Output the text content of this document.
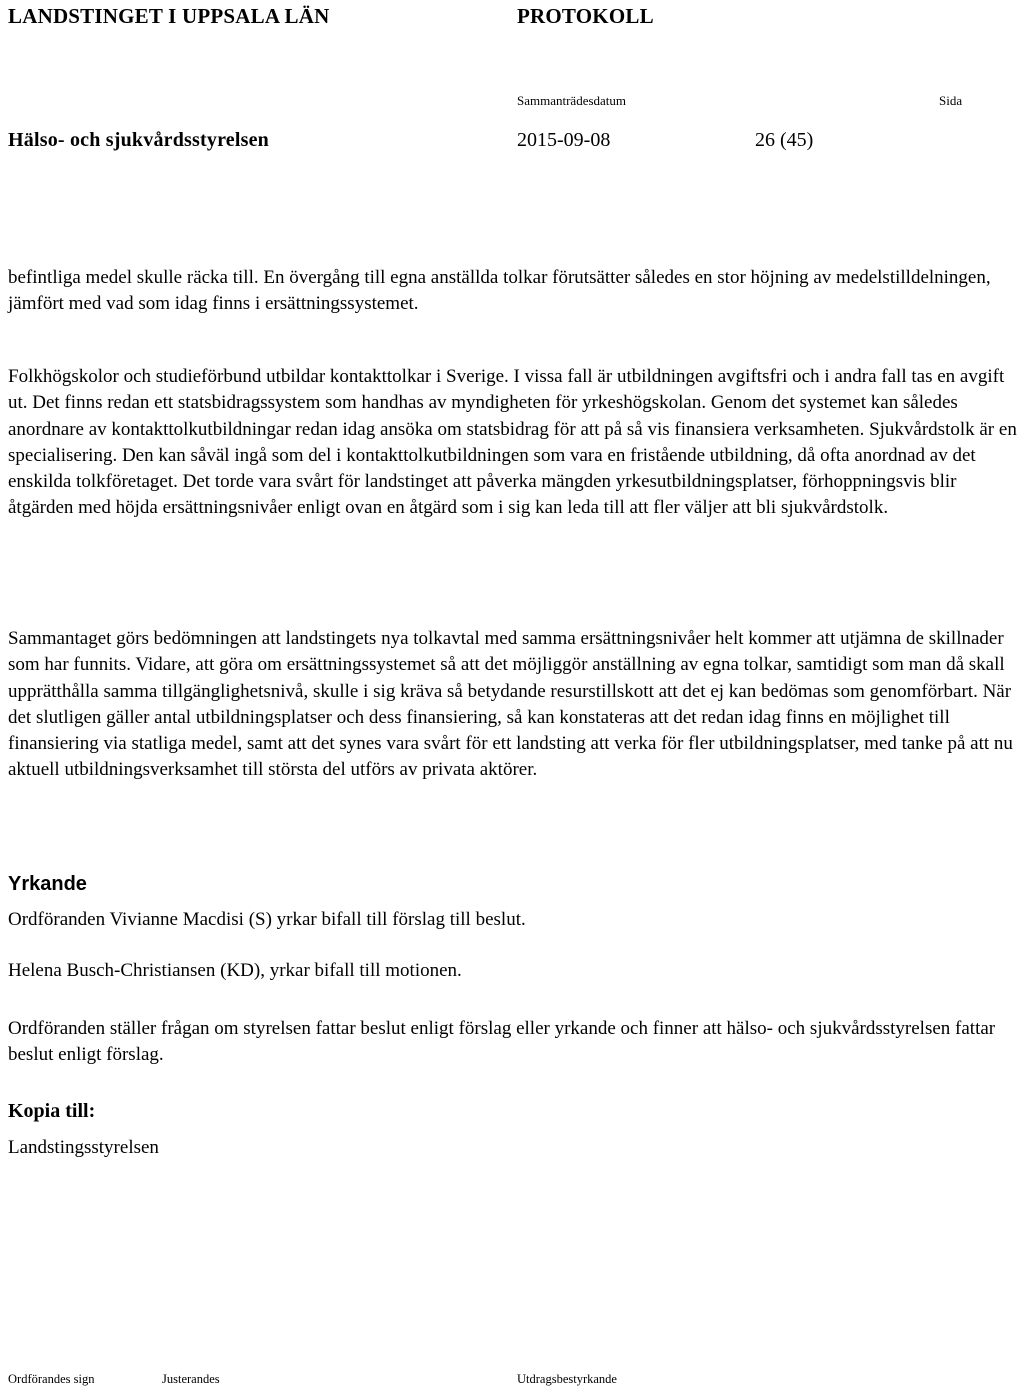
LANDSTINGET I UPPSALA LÄN	PROTOKOLL
Sammanträdesdatum	Sida
Hälso- och sjukvårdsstyrelsen	2015-09-08	26 (45)

befintliga medel skulle räcka till. En övergång till egna anställda tolkar förutsätter således en stor höjning av medelstilldelningen, jämfört med vad som idag finns i ersättningssystemet.

Folkhögskolor och studieförbund utbildar kontakttolkar i Sverige. I vissa fall är utbildningen avgiftsfri och i andra fall tas en avgift ut. Det finns redan ett statsbidragssystem som handhas av myndigheten för yrkeshögskolan. Genom det systemet kan således anordnare av kontakttolkutbildningar redan idag ansöka om statsbidrag för att på så vis finansiera verksamheten. Sjukvårdstolk är en specialisering. Den kan såväl ingå som del i kontakttolkutbildningen som vara en fristående utbildning, då ofta anordnad av det enskilda tolkföretaget. Det torde vara svårt för landstinget att påverka mängden yrkesutbildningsplatser, förhoppningsvis blir åtgärden med höjda ersättningsnivåer enligt ovan en åtgärd som i sig kan leda till att fler väljer att bli sjukvårdstolk.

Sammantaget görs bedömningen att landstingets nya tolkavtal med samma ersättningsnivåer helt kommer att utjämna de skillnader som har funnits. Vidare, att göra om ersättningssystemet så att det möjliggör anställning av egna tolkar, samtidigt som man då skall upprätthålla samma tillgänglighetsnivå, skulle i sig kräva så betydande resurstillskott att det ej kan bedömas som genomförbart. När det slutligen gäller antal utbildningsplatser och dess finansiering, så kan konstateras att det redan idag finns en möjlighet till finansiering via statliga medel, samt att det synes vara svårt för ett landsting att verka för fler utbildningsplatser, med tanke på att nu aktuell utbildningsverksamhet till största del utförs av privata aktörer.

Yrkande

Ordföranden Vivianne Macdisi (S) yrkar bifall till förslag till beslut.

Helena Busch-Christiansen (KD), yrkar bifall till motionen.

Ordföranden ställer frågan om styrelsen fattar beslut enligt förslag eller yrkande och finner att hälso- och sjukvårdsstyrelsen fattar beslut enligt förslag.

Kopia till:

Landstingsstyrelsen

Ordförandes sign	Justerandes	Utdragsbestyrkande
